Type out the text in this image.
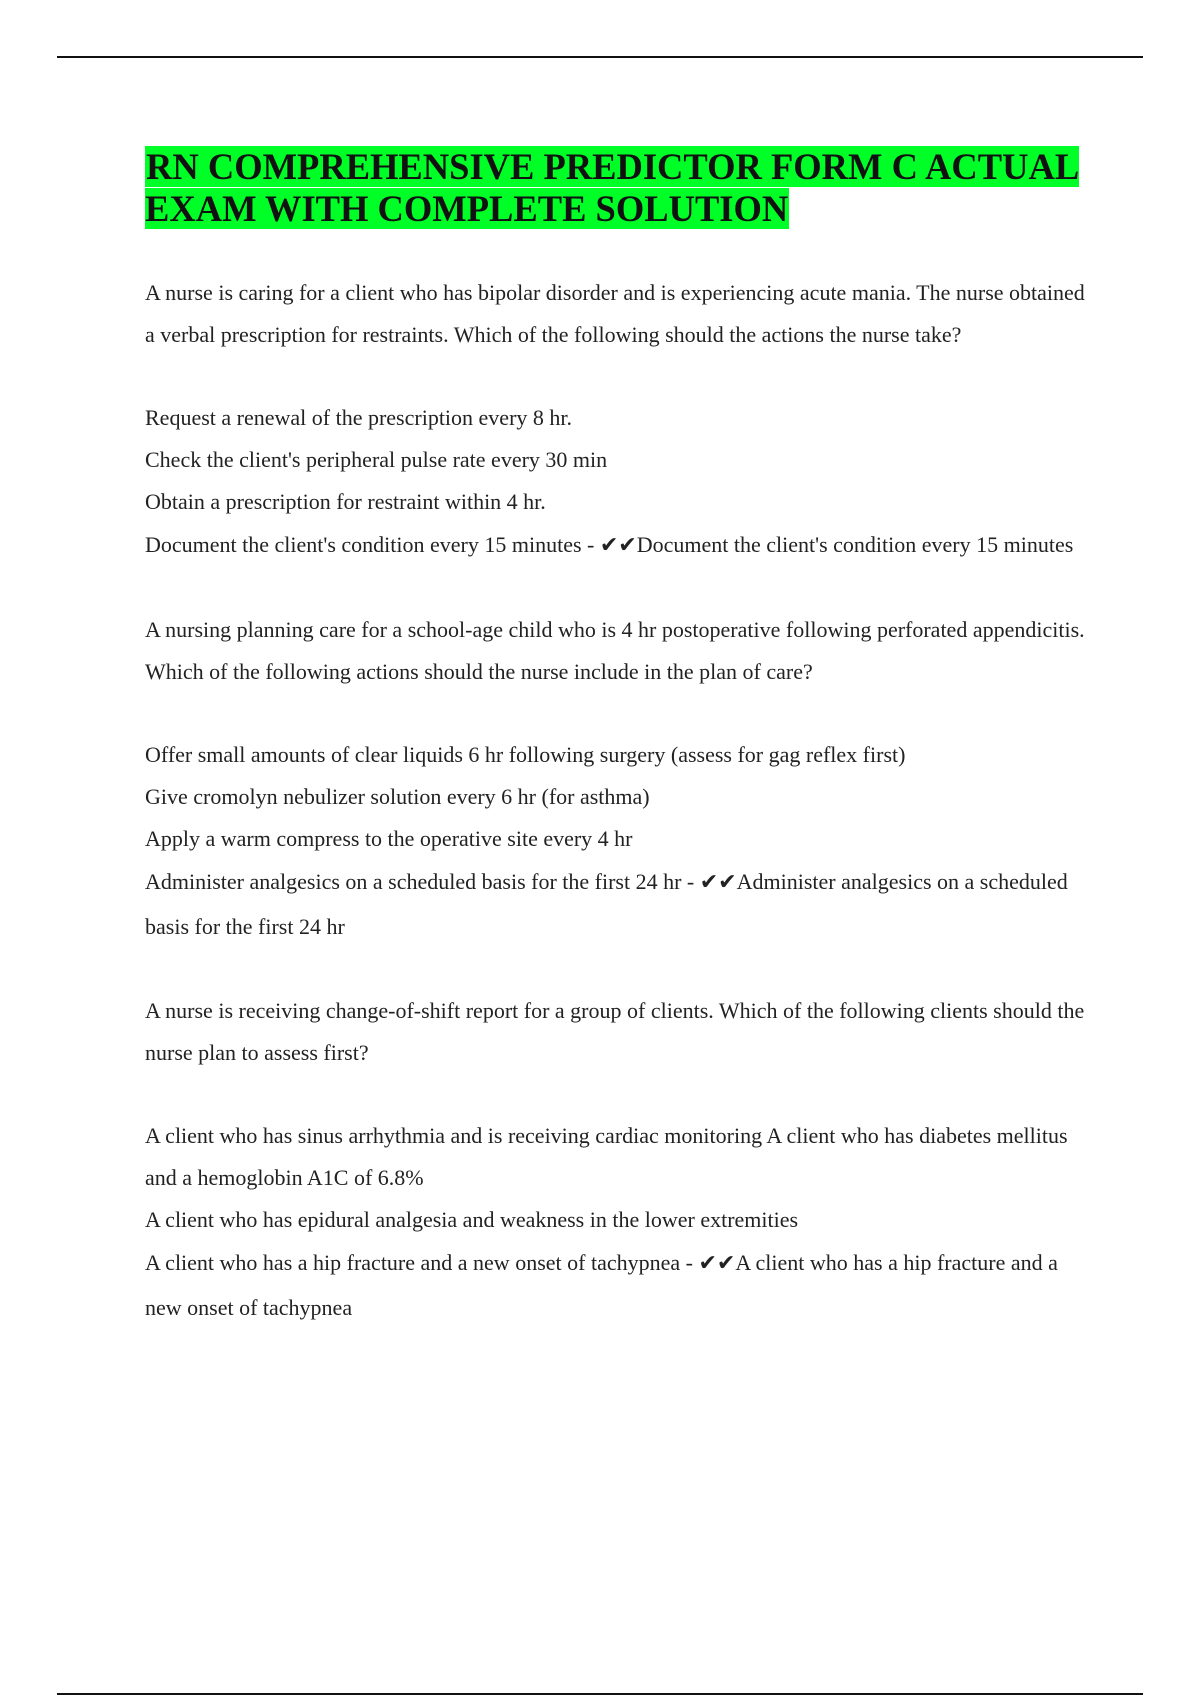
RN COMPREHENSIVE PREDICTOR FORM C ACTUAL EXAM WITH COMPLETE SOLUTION

A nurse is caring for a client who has bipolar disorder and is experiencing acute mania. The nurse obtained a verbal prescription for restraints. Which of the following should the actions the nurse take?

Request a renewal of the prescription every 8 hr.

Check the client's peripheral pulse rate every 30 min

Obtain a prescription for restraint within 4 hr.

Document the client's condition every 15 minutes - ✔✔Document the client's condition every 15 minutes

A nursing planning care for a school-age child who is 4 hr postoperative following perforated appendicitis. Which of the following actions should the nurse include in the plan of care?

Offer small amounts of clear liquids 6 hr following surgery (assess for gag reflex first)

Give cromolyn nebulizer solution every 6 hr (for asthma)

Apply a warm compress to the operative site every 4 hr

Administer analgesics on a scheduled basis for the first 24 hr - ✔✔Administer analgesics on a scheduled basis for the first 24 hr

A nurse is receiving change-of-shift report for a group of clients. Which of the following clients should the nurse plan to assess first?

A client who has sinus arrhythmia and is receiving cardiac monitoring A client who has diabetes mellitus and a hemoglobin A1C of 6.8%

A client who has epidural analgesia and weakness in the lower extremities

A client who has a hip fracture and a new onset of tachypnea - ✔✔A client who has a hip fracture and a new onset of tachypnea
